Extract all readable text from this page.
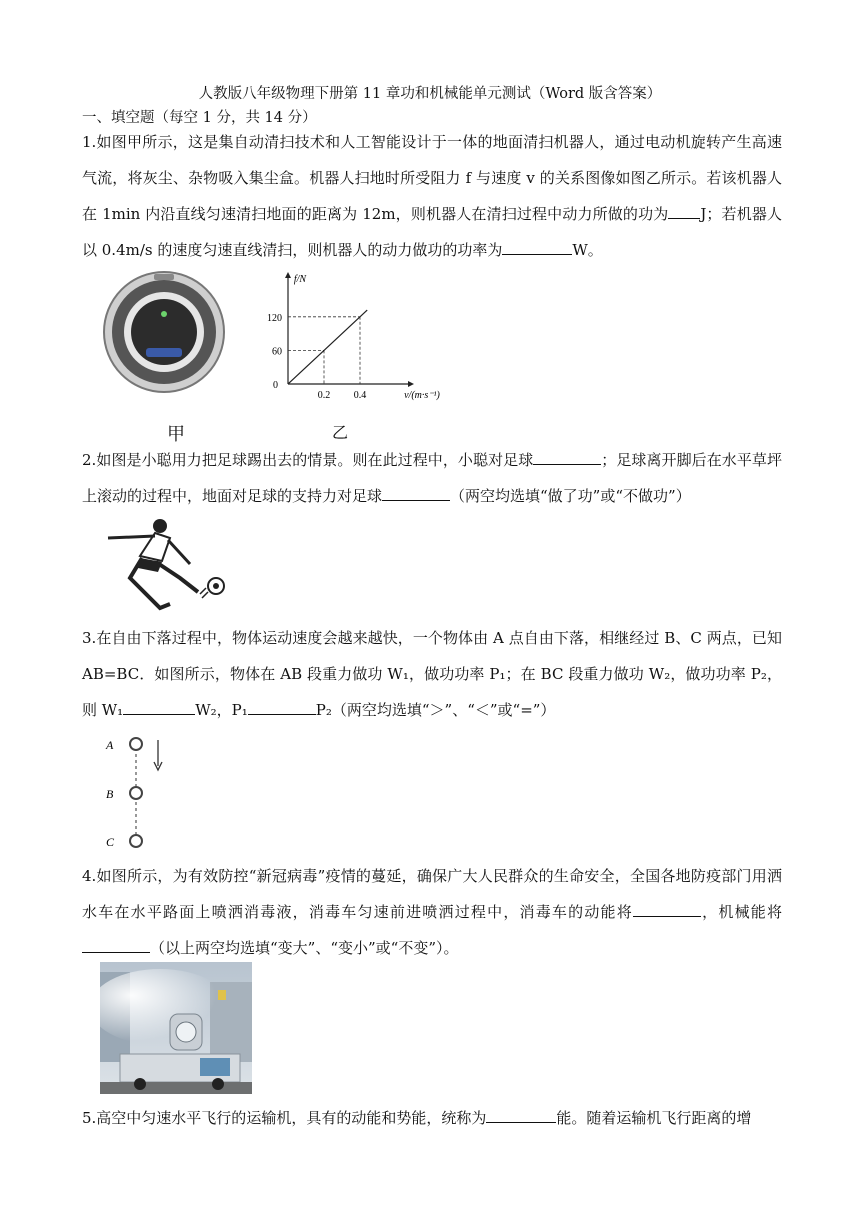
人教版八年级物理下册第 11 章功和机械能单元测试（Word 版含答案）
一、填空题（每空 1 分，共 14 分）
1.如图甲所示，这是集自动清扫技术和人工智能设计于一体的地面清扫机器人，通过电动机旋转产生高速气流，将灰尘、杂物吸入集尘盒。机器人扫地时所受阻力 f 与速度 v 的关系图像如图乙所示。若该机器人在 1min 内沿直线匀速清扫地面的距离为 12m，则机器人在清扫过程中动力所做的功为 J；若机器人以 0.4m/s 的速度匀速直线清扫，则机器人的动力做功的功率为	W。
甲
0.2 0.4
60
120
0
v/(m·s⁻¹)
f/N
乙
2.如图是小聪用力把足球踢出去的情景。则在此过程中，小聪对足球	；足球离开脚后在水平草坪上滚动的过程中，地面对足球的支持力对足球	（两空均选填“做了功”或“不做功”）
3.在自由下落过程中，物体运动速度会越来越快，一个物体由 A 点自由下落，相继经过 B、C 两点，已知 AB=BC．如图所示，物体在 AB 段重力做功 W₁，做功功率 P₁；在 BC 段重力做功 W₂，做功功率 P₂，则 W₁	W₂，P₁	P₂（两空均选填“＞”、“＜”或“=”）
A
B
C
4.如图所示，为有效防控“新冠病毒”疫情的蔓延，确保广大人民群众的生命安全，全国各地防疫部门用洒水车在水平路面上喷洒消毒液，消毒车匀速前进喷洒过程中，消毒车的动能将	，机械能将（以上两空均选填“变大”、“变小”或“不变”）。
5.高空中匀速水平飞行的运输机，具有的动能和势能，统称为	能。随着运输机飞行距离的增
